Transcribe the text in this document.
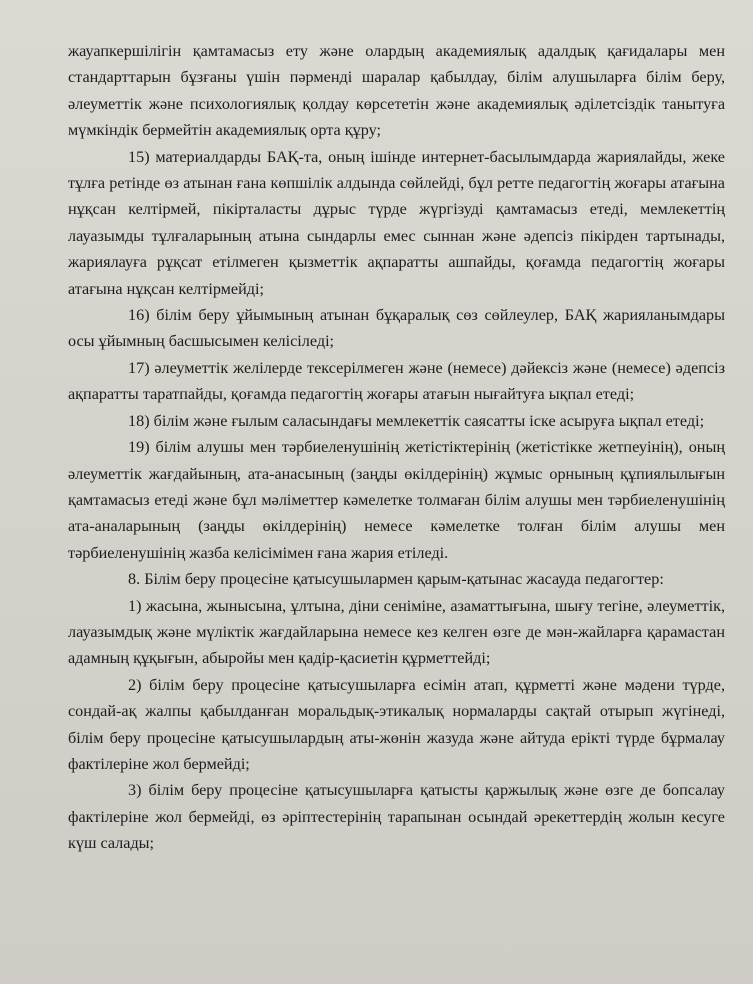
жауапкершілігін қамтамасыз ету және олардың академиялық адалдық қағидалары мен стандарттарын бұзғаны үшін пәрменді шаралар қабылдау, білім алушыларға білім беру, әлеуметтік және психологиялық қолдау көрсететін және академиялық әділетсіздік танытуға мүмкіндік бермейтін академиялық орта құру;

15) материалдарды БАҚ-та, оның ішінде интернет-басылымдарда жариялайды, жеке тұлға ретінде өз атынан ғана көпшілік алдында сөйлейді, бұл ретте педагогтің жоғары атағына нұқсан келтірмей, пікірталасты дұрыс түрде жүргізуді қамтамасыз етеді, мемлекеттің лауазымды тұлғаларының атына сындарлы емес сыннан және әдепсіз пікірден тартынады, жариялауға рұқсат етілмеген қызметтік ақпаратты ашпайды, қоғамда педагогтің жоғары атағына нұқсан келтірмейді;

16) білім беру ұйымының атынан бұқаралық сөз сөйлеулер, БАҚ жарияланымдары осы ұйымның басшысымен келісіледі;

17) әлеуметтік желілерде тексерілмеген және (немесе) дәйексіз және (немесе) әдепсіз ақпаратты таратпайды, қоғамда педагогтің жоғары атағын нығайтуға ықпал етеді;

18) білім және ғылым саласындағы мемлекеттік саясатты іске асыруға ықпал етеді;

19) білім алушы мен тәрбиеленушінің жетістіктерінің (жетістікке жетпеуінің), оның әлеуметтік жағдайының, ата-анасының (заңды өкілдерінің) жұмыс орнының құпиялылығын қамтамасыз етеді және бұл мәліметтер кәмелетке толмаған білім алушы мен тәрбиеленушінің ата-аналарының (заңды өкілдерінің) немесе кәмелетке толған білім алушы мен тәрбиеленушінің жазба келісімімен ғана жария етіледі.

8. Білім беру процесіне қатысушылармен қарым-қатынас жасауда педагогтер:

1) жасына, жынысына, ұлтына, діни сеніміне, азаматтығына, шығу тегіне, әлеуметтік, лауазымдық және мүліктік жағдайларына немесе кез келген өзге де мән-жайларға қарамастан адамның құқығын, абыройы мен қадір-қасиетін құрметтейді;

2) білім беру процесіне қатысушыларға есімін атап, құрметті және мәдени түрде, сондай-ақ жалпы қабылданған моральдық-этикалық нормаларды сақтай отырып жүгінеді, білім беру процесіне қатысушылардың аты-жөнін жазуда және айтуда ерікті түрде бұрмалау фактілеріне жол бермейді;

3) білім беру процесіне қатысушыларға қатысты қаржылық және өзге де бопсалау фактілеріне жол бермейді, өз әріптестерінің тарапынан осындай әрекеттердің жолын кесуге күш салады;
